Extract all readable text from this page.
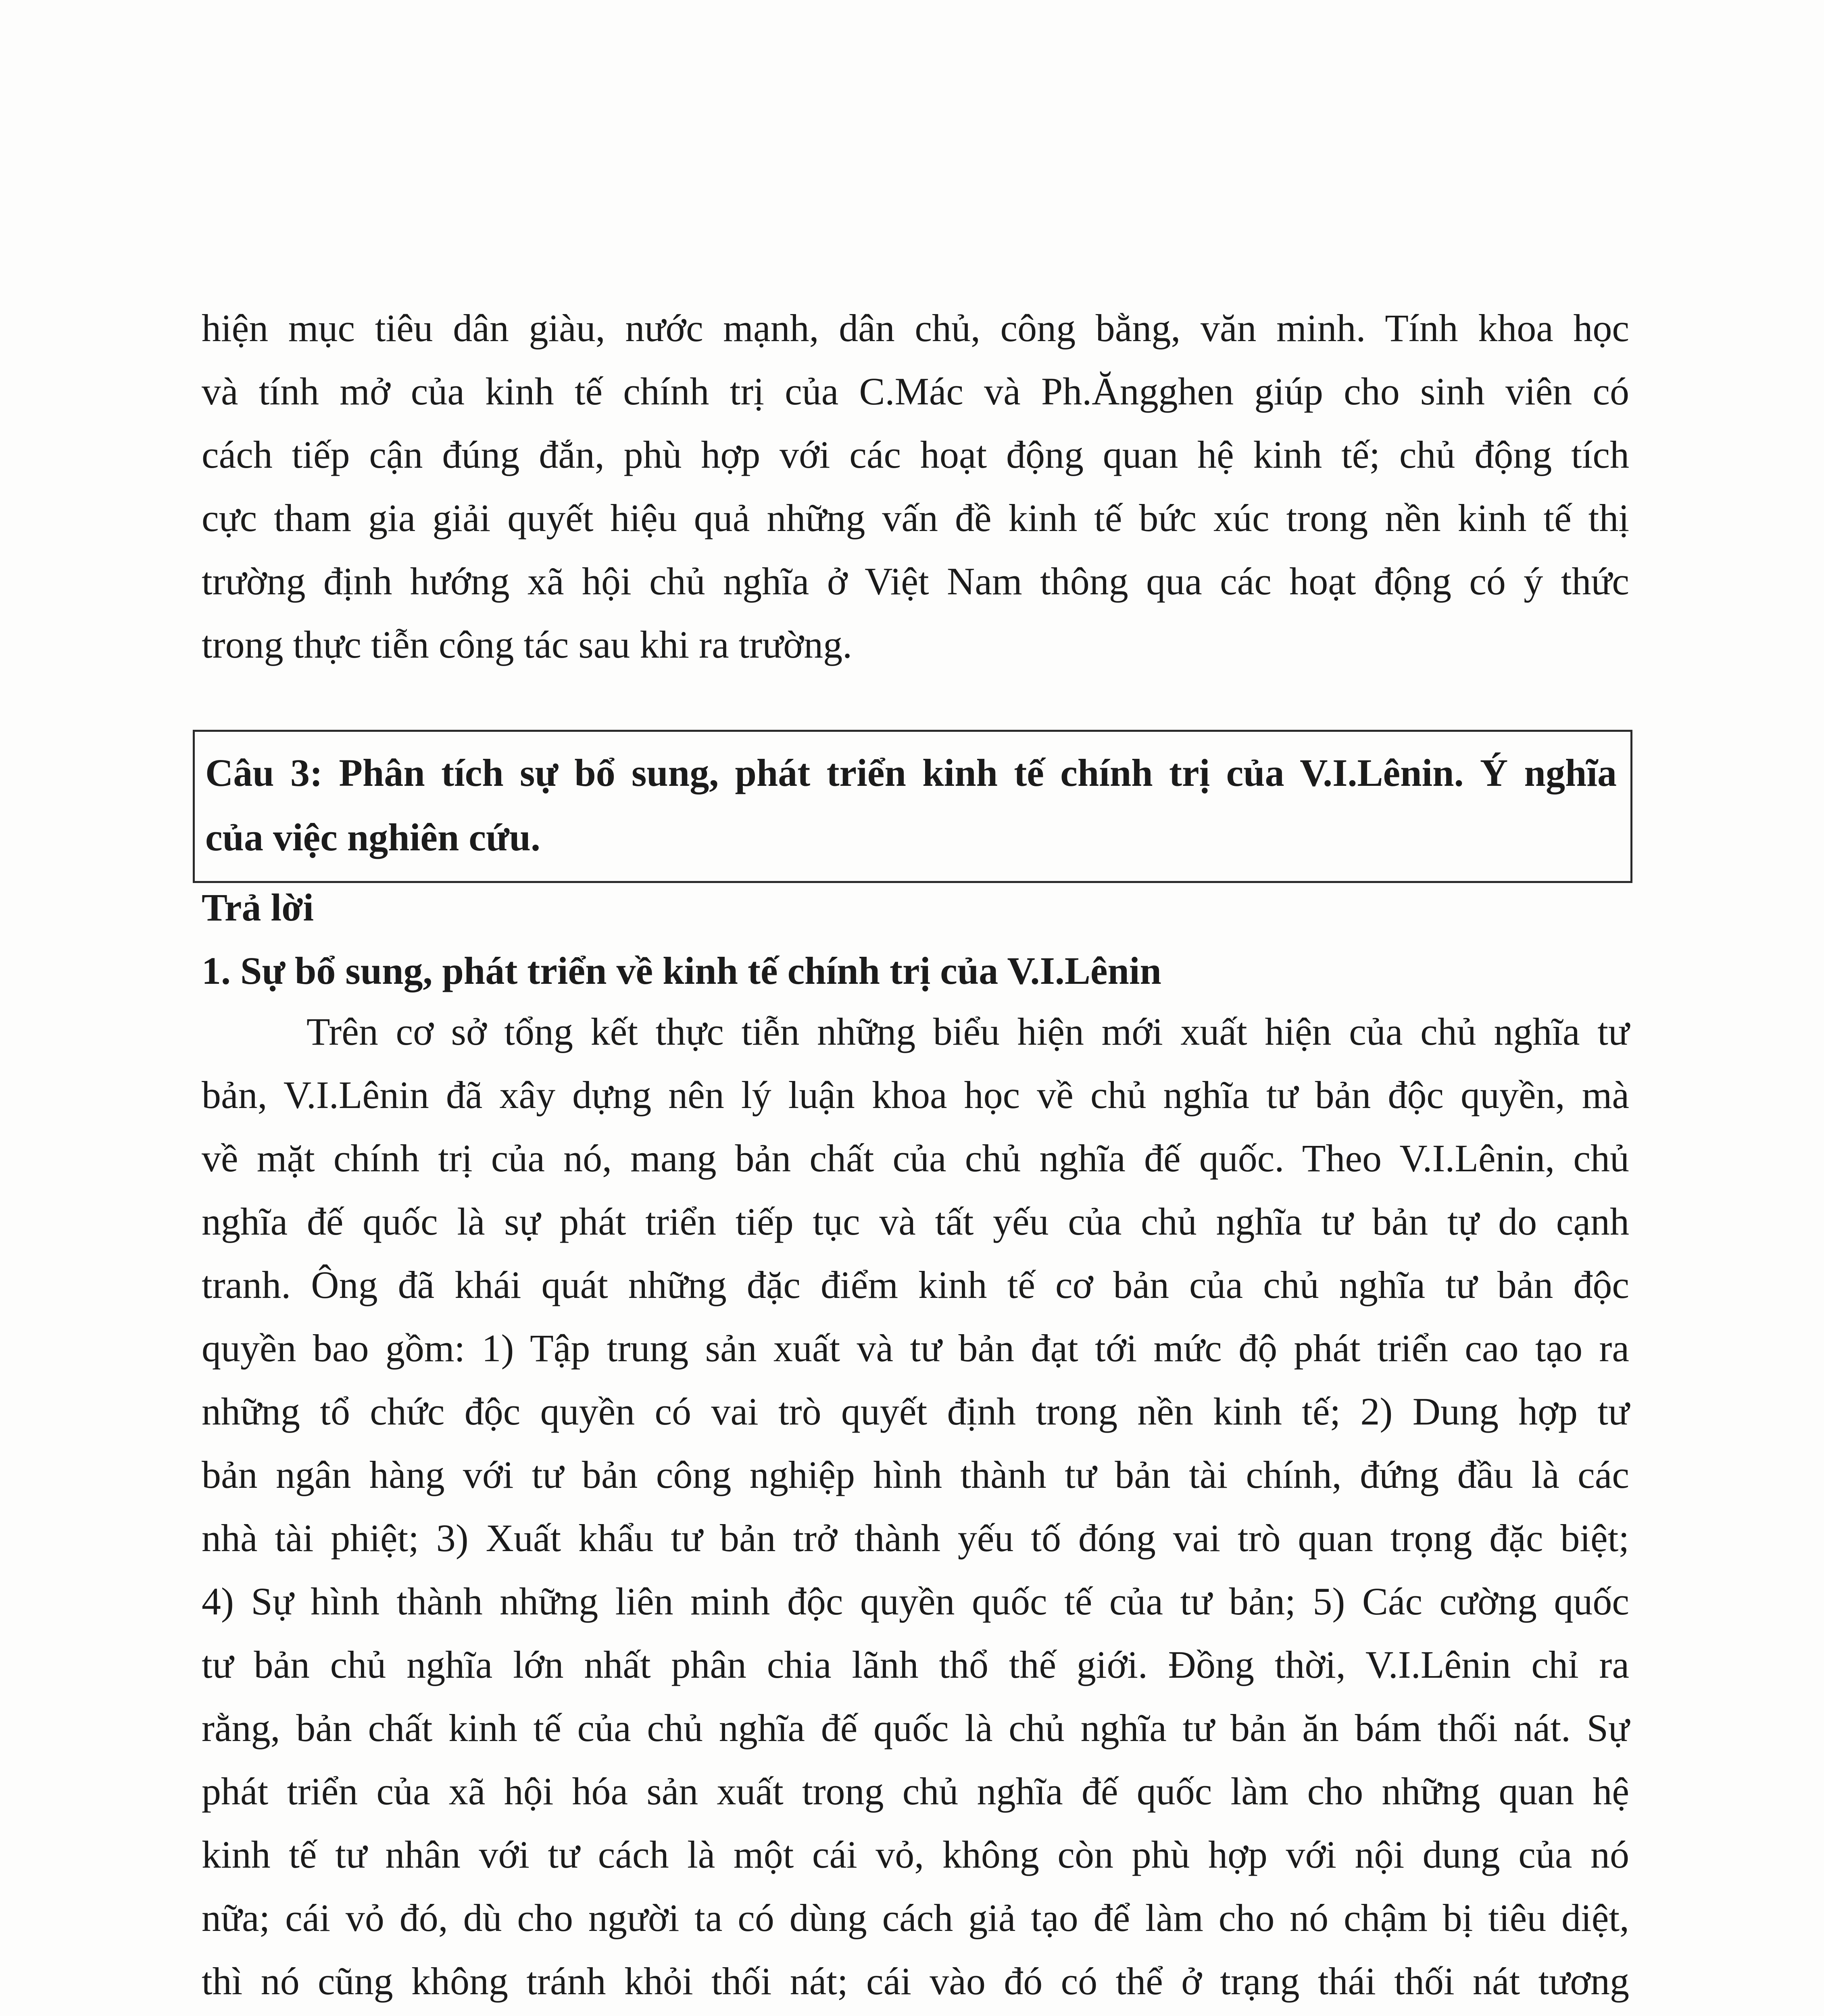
hiện mục tiêu dân giàu, nước mạnh, dân chủ, công bằng, văn minh. Tính khoa học
và tính mở của kinh tế chính trị của C.Mác và Ph.Ăngghen giúp cho sinh viên có
cách tiếp cận đúng đắn, phù hợp với các hoạt động quan hệ kinh tế; chủ động tích
cực tham gia giải quyết hiệu quả những vấn đề kinh tế bức xúc trong nền kinh tế thị
trường định hướng xã hội chủ nghĩa ở Việt Nam thông qua các hoạt động có ý thức
trong thực tiễn công tác sau khi ra trường.
Câu 3: Phân tích sự bổ sung, phát triển kinh tế chính trị của V.I.Lênin. Ý nghĩa
của việc nghiên cứu.
Trả lời
1. Sự bổ sung, phát triển về kinh tế chính trị của V.I.Lênin
Trên cơ sở tổng kết thực tiễn những biểu hiện mới xuất hiện của chủ nghĩa tư
bản, V.I.Lênin đã xây dựng nên lý luận khoa học về chủ nghĩa tư bản độc quyền, mà
về mặt chính trị của nó, mang bản chất của chủ nghĩa đế quốc. Theo V.I.Lênin, chủ
nghĩa đế quốc là sự phát triển tiếp tục và tất yếu của chủ nghĩa tư bản tự do cạnh
tranh. Ông đã khái quát những đặc điểm kinh tế cơ bản của chủ nghĩa tư bản độc
quyền bao gồm: 1) Tập trung sản xuất và tư bản đạt tới mức độ phát triển cao tạo ra
những tổ chức độc quyền có vai trò quyết định trong nền kinh tế; 2) Dung hợp tư
bản ngân hàng với tư bản công nghiệp hình thành tư bản tài chính, đứng đầu là các
nhà tài phiệt; 3) Xuất khẩu tư bản trở thành yếu tố đóng vai trò quan trọng đặc biệt;
4) Sự hình thành những liên minh độc quyền quốc tế của tư bản; 5) Các cường quốc
tư bản chủ nghĩa lớn nhất phân chia lãnh thổ thế giới. Đồng thời, V.I.Lênin chỉ ra
rằng, bản chất kinh tế của chủ nghĩa đế quốc là chủ nghĩa tư bản ăn bám thối nát. Sự
phát triển của xã hội hóa sản xuất trong chủ nghĩa đế quốc làm cho những quan hệ
kinh tế tư nhân với tư cách là một cái vỏ, không còn phù hợp với nội dung của nó
nữa; cái vỏ đó, dù cho người ta có dùng cách giả tạo để làm cho nó chậm bị tiêu diệt,
thì nó cũng không tránh khỏi thối nát; cái vào đó có thể ở trạng thái thối nát tương
